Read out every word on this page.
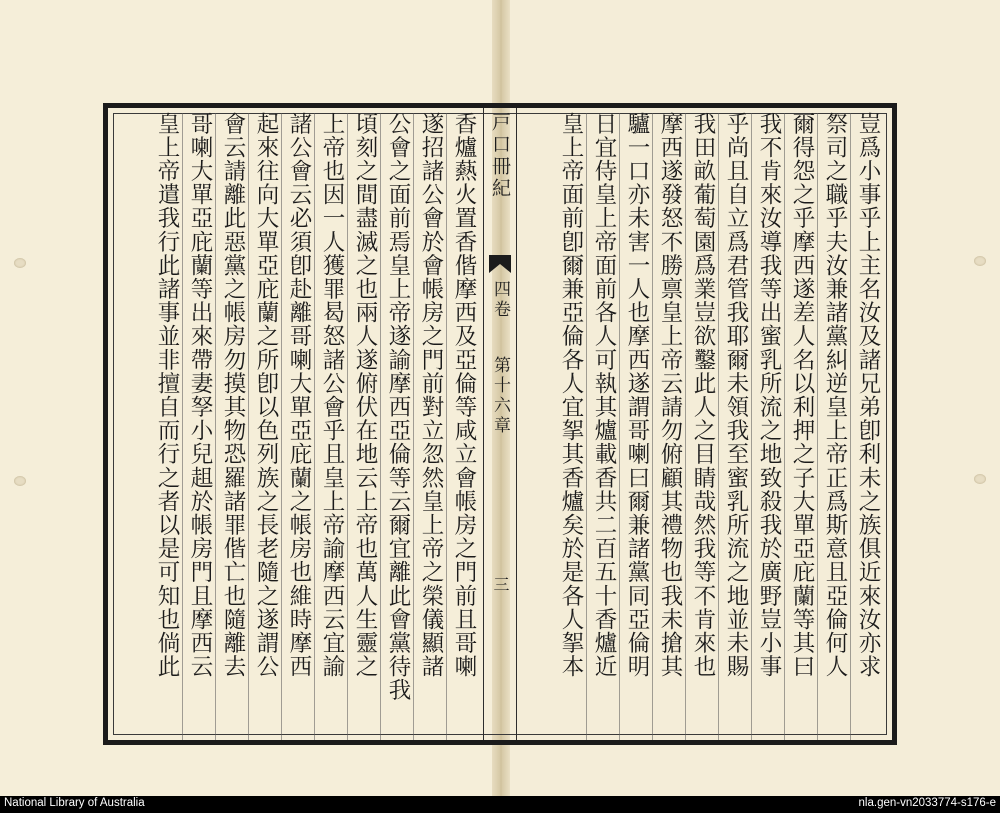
豈爲小事乎上主名汝及諸兄弟卽利未之族俱近來汝亦求
祭司之職乎夫汝兼諸黨糾逆皇上帝正爲斯意且亞倫何人
爾得怨之乎摩西遂差人名以利押之子大單亞庇蘭等其曰
我不肯來汝導我等出蜜乳所流之地致殺我於廣野豈小事
乎尚且自立爲君管我耶爾未領我至蜜乳所流之地並未賜
我田畝葡萄園爲業豈欲鑿此人之目睛哉然我等不肯來也
摩西遂發怒不勝禀皇上帝云請勿俯顧其禮物也我未搶其
驢一口亦未害一人也摩西遂謂哥喇曰爾兼諸黨同亞倫明
日宜侍皇上帝面前各人可執其爐載香共二百五十香爐近
皇上帝面前卽爾兼亞倫各人宜挐其香爐矣於是各人挐本
戸口冊紀
四卷
第十六章
三
香爐爇火置香偕摩西及亞倫等咸立會帳房之門前且哥喇
遂招諸公會於會帳房之門前對立忽然皇上帝之榮儀顯諸
公會之面前焉皇上帝遂諭摩西亞倫等云爾宜離此會黨待我
頃刻之間盡滅之也兩人遂俯伏在地云上帝也萬人生靈之
上帝也因一人獲罪曷怒諸公會乎且皇上帝諭摩西云宜諭
諸公會云必須卽赴離哥喇大單亞庇蘭之帳房也維時摩西
起來往向大單亞庇蘭之所卽以色列族之長老隨之遂謂公
會云請離此惡黨之帳房勿摸其物恐羅諸罪偕亡也隨離去
哥喇大單亞庇蘭等出來帶妻孥小兒趄於帳房門且摩西云
皇上帝遣我行此諸事並非擅自而行之者以是可知也倘此
National Library of Australia	nla.gen-vn2033774-s176-e
